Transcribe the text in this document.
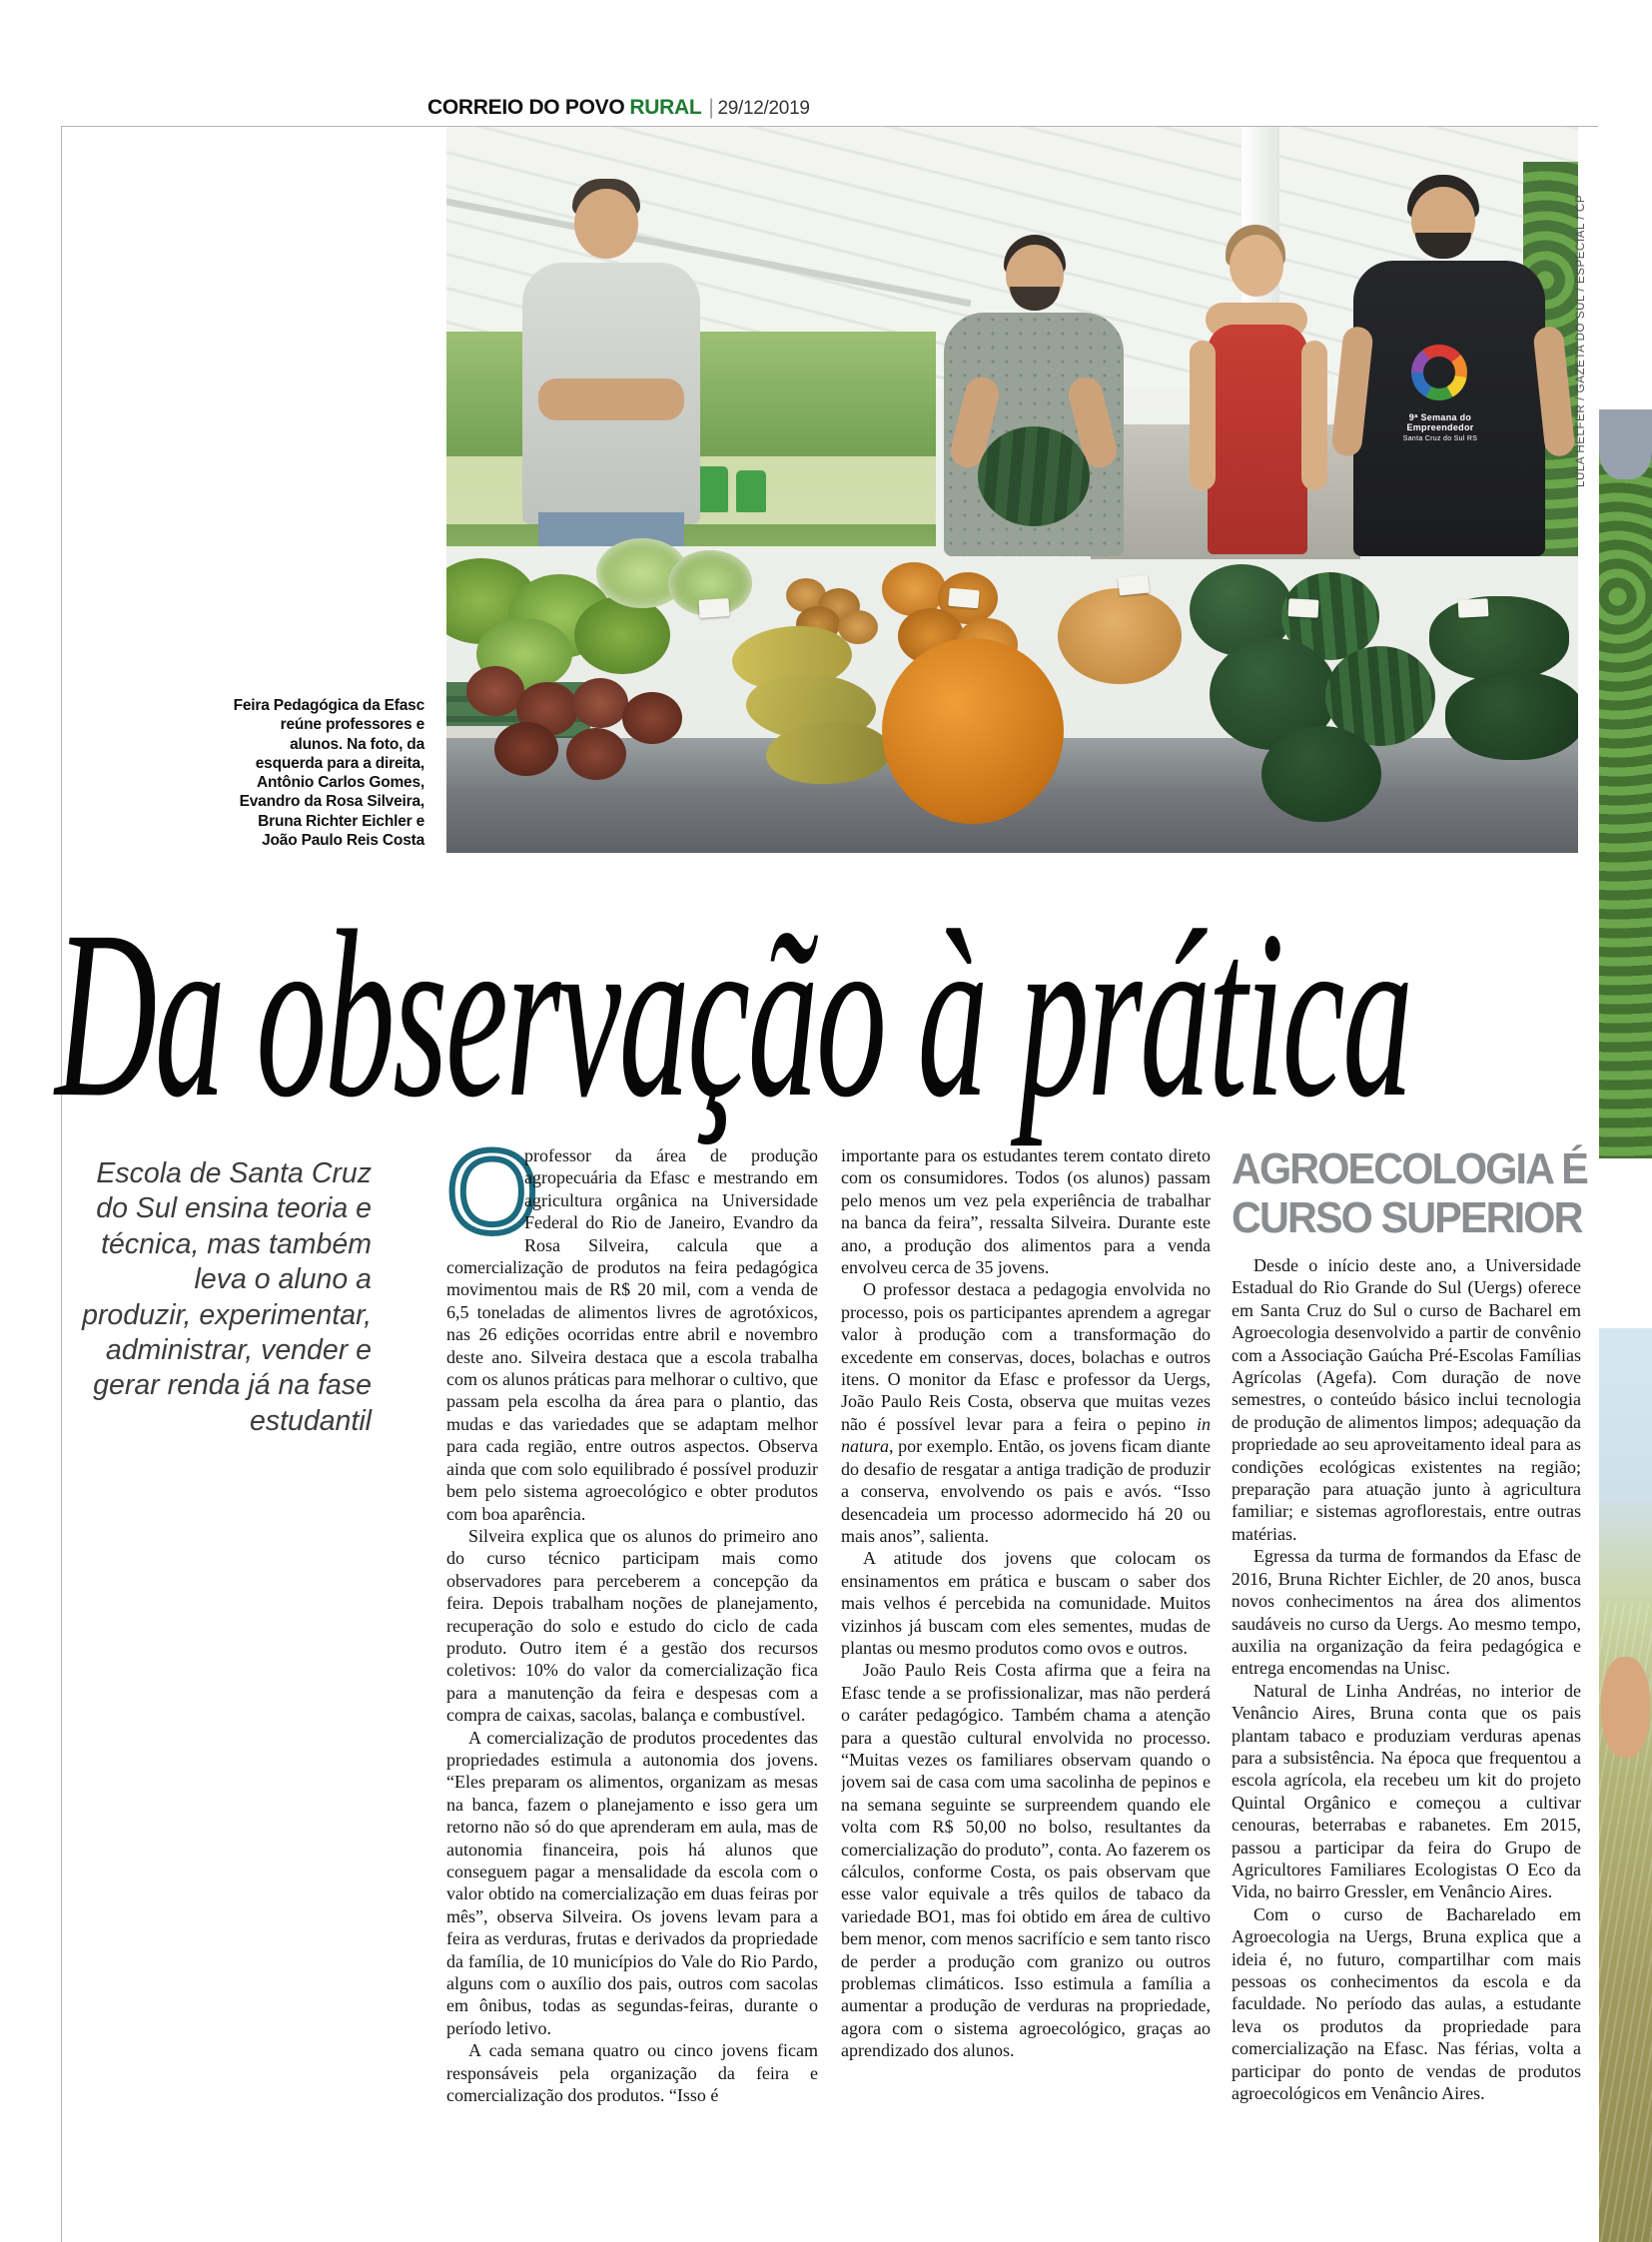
CORREIO DO POVO RURAL | 29/12/2019
9ª Semana do
Empreendedor
Santa Cruz do Sul RS
Feira Pedagógica da Efasc reúne professores e alunos. Na foto, da esquerda para a direita, Antônio Carlos Gomes, Evandro da Rosa Silveira, Bruna Richter Eichler e João Paulo Reis Costa
LULA HELFER / GAZETA DO SUL / ESPECIAL / CP
Da observação à prática
Escola de Santa Cruz do Sul ensina teoria e técnica, mas também leva o aluno a produzir, experimentar, administrar, vender e gerar renda já na fase estudantil

O
professor da área de produção agropecuária da Efasc e mestrando em agricultura orgânica na Universidade Federal do Rio de Janeiro, Evandro da Rosa Silveira, calcula que a comercialização de produtos na feira pedagógica movimentou mais de R$ 20 mil, com a venda de 6,5 toneladas de alimentos livres de agrotóxicos, nas 26 edições ocorridas entre abril e novembro deste ano. Silveira destaca que a escola trabalha com os alunos práticas para melhorar o cultivo, que passam pela escolha da área para o plantio, das mudas e das variedades que se adaptam melhor para cada região, entre outros aspectos. Observa ainda que com solo equilibrado é possível produzir bem pelo sistema agroecológico e obter produtos com boa aparência.

Silveira explica que os alunos do primeiro ano do curso técnico participam mais como observadores para perceberem a concepção da feira. Depois trabalham noções de planejamento, recuperação do solo e estudo do ciclo de cada produto. Outro item é a gestão dos recursos coletivos: 10% do valor da comercialização fica para a manutenção da feira e despesas com a compra de caixas, sacolas, balança e combustível.

A comercialização de produtos procedentes das propriedades estimula a autonomia dos jovens. “Eles preparam os alimentos, organizam as mesas na banca, fazem o planejamento e isso gera um retorno não só do que aprenderam em aula, mas de autonomia financeira, pois há alunos que conseguem pagar a mensalidade da escola com o valor obtido na comercialização em duas feiras por mês”, observa Silveira. Os jovens levam para a feira as verduras, frutas e derivados da propriedade da família, de 10 municípios do Vale do Rio Pardo, alguns com o auxílio dos pais, outros com sacolas em ônibus, todas as segundas-feiras, durante o período letivo.

A cada semana quatro ou cinco jovens ficam responsáveis pela organização da feira e comercialização dos produtos. “Isso é

importante para os estudantes terem contato direto com os consumidores. Todos (os alunos) passam pelo menos um vez pela experiência de trabalhar na banca da feira”, ressalta Silveira. Durante este ano, a produção dos alimentos para a venda envolveu cerca de 35 jovens.

O professor destaca a pedagogia envolvida no processo, pois os participantes aprendem a agregar valor à produção com a transformação do excedente em conservas, doces, bolachas e outros itens. O monitor da Efasc e professor da Uergs, João Paulo Reis Costa, observa que muitas vezes não é possível levar para a feira o pepino in natura, por exemplo. Então, os jovens ficam diante do desafio de resgatar a antiga tradição de produzir a conserva, envolvendo os pais e avós. “Isso desencadeia um processo adormecido há 20 ou mais anos”, salienta.

A atitude dos jovens que colocam os ensinamentos em prática e buscam o saber dos mais velhos é percebida na comunidade. Muitos vizinhos já buscam com eles sementes, mudas de plantas ou mesmo produtos como ovos e outros.

João Paulo Reis Costa afirma que a feira na Efasc tende a se profissionalizar, mas não perderá o caráter pedagógico. Também chama a atenção para a questão cultural envolvida no processo. “Muitas vezes os familiares observam quando o jovem sai de casa com uma sacolinha de pepinos e na semana seguinte se surpreendem quando ele volta com R$ 50,00 no bolso, resultantes da comercialização do produto”, conta. Ao fazerem os cálculos, conforme Costa, os pais observam que esse valor equivale a três quilos de tabaco da variedade BO1, mas foi obtido em área de cultivo bem menor, com menos sacrifício e sem tanto risco de perder a produção com granizo ou outros problemas climáticos. Isso estimula a família a aumentar a produção de verduras na propriedade, agora com o sistema agroecológico, graças ao aprendizado dos alunos.

AGROECOLOGIA É
CURSO SUPERIOR

Desde o início deste ano, a Universidade Estadual do Rio Grande do Sul (Uergs) oferece em Santa Cruz do Sul o curso de Bacharel em Agroecologia desenvolvido a partir de convênio com a Associação Gaúcha Pré-Escolas Famílias Agrícolas (Agefa). Com duração de nove semestres, o conteúdo básico inclui tecnologia de produção de alimentos limpos; adequação da propriedade ao seu aproveitamento ideal para as condições ecológicas existentes na região; preparação para atuação junto à agricultura familiar; e sistemas agroflorestais, entre outras matérias.

Egressa da turma de formandos da Efasc de 2016, Bruna Richter Eichler, de 20 anos, busca novos conhecimentos na área dos alimentos saudáveis no curso da Uergs. Ao mesmo tempo, auxilia na organização da feira pedagógica e entrega encomendas na Unisc.

Natural de Linha Andréas, no interior de Venâncio Aires, Bruna conta que os pais plantam tabaco e produziam verduras apenas para a subsistência. Na época que frequentou a escola agrícola, ela recebeu um kit do projeto Quintal Orgânico e começou a cultivar cenouras, beterrabas e rabanetes. Em 2015, passou a participar da feira do Grupo de Agricultores Familiares Ecologistas O Eco da Vida, no bairro Gressler, em Venâncio Aires.

Com o curso de Bacharelado em Agroecologia na Uergs, Bruna explica que a ideia é, no futuro, compartilhar com mais pessoas os conhecimentos da escola e da faculdade. No período das aulas, a estudante leva os produtos da propriedade para comercialização na Efasc. Nas férias, volta a participar do ponto de vendas de produtos agroecológicos em Venâncio Aires.
